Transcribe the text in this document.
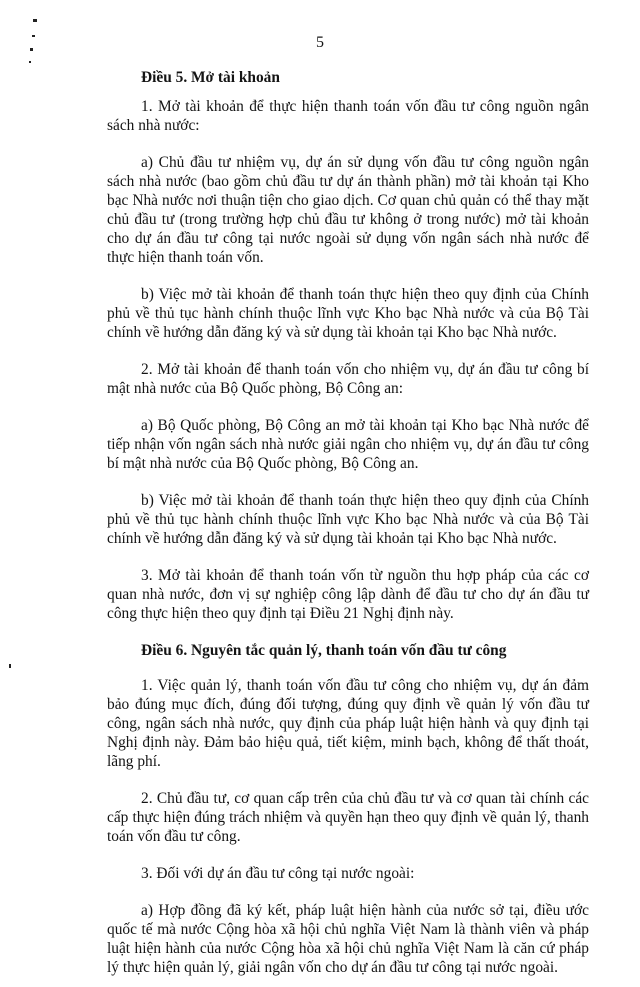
5
Điều 5. Mở tài khoản

1. Mở tài khoản để thực hiện thanh toán vốn đầu tư công nguồn ngân sách nhà nước:

a) Chủ đầu tư nhiệm vụ, dự án sử dụng vốn đầu tư công nguồn ngân sách nhà nước (bao gồm chủ đầu tư dự án thành phần) mở tài khoản tại Kho bạc Nhà nước nơi thuận tiện cho giao dịch. Cơ quan chủ quản có thể thay mặt chủ đầu tư (trong trường hợp chủ đầu tư không ở trong nước) mở tài khoản cho dự án đầu tư công tại nước ngoài sử dụng vốn ngân sách nhà nước để thực hiện thanh toán vốn.

b) Việc mở tài khoản để thanh toán thực hiện theo quy định của Chính phủ về thủ tục hành chính thuộc lĩnh vực Kho bạc Nhà nước và của Bộ Tài chính về hướng dẫn đăng ký và sử dụng tài khoản tại Kho bạc Nhà nước.

2. Mở tài khoản để thanh toán vốn cho nhiệm vụ, dự án đầu tư công bí mật nhà nước của Bộ Quốc phòng, Bộ Công an:

a) Bộ Quốc phòng, Bộ Công an mở tài khoản tại Kho bạc Nhà nước để tiếp nhận vốn ngân sách nhà nước giải ngân cho nhiệm vụ, dự án đầu tư công bí mật nhà nước của Bộ Quốc phòng, Bộ Công an.

b) Việc mở tài khoản để thanh toán thực hiện theo quy định của Chính phủ về thủ tục hành chính thuộc lĩnh vực Kho bạc Nhà nước và của Bộ Tài chính về hướng dẫn đăng ký và sử dụng tài khoản tại Kho bạc Nhà nước.

3. Mở tài khoản để thanh toán vốn từ nguồn thu hợp pháp của các cơ quan nhà nước, đơn vị sự nghiệp công lập dành để đầu tư cho dự án đầu tư công thực hiện theo quy định tại Điều 21 Nghị định này.

Điều 6. Nguyên tắc quản lý, thanh toán vốn đầu tư công

1. Việc quản lý, thanh toán vốn đầu tư công cho nhiệm vụ, dự án đảm bảo đúng mục đích, đúng đối tượng, đúng quy định về quản lý vốn đầu tư công, ngân sách nhà nước, quy định của pháp luật hiện hành và quy định tại Nghị định này. Đảm bảo hiệu quả, tiết kiệm, minh bạch, không để thất thoát, lãng phí.

2. Chủ đầu tư, cơ quan cấp trên của chủ đầu tư và cơ quan tài chính các cấp thực hiện đúng trách nhiệm và quyền hạn theo quy định về quản lý, thanh toán vốn đầu tư công.

3. Đối với dự án đầu tư công tại nước ngoài:

a) Hợp đồng đã ký kết, pháp luật hiện hành của nước sở tại, điều ước quốc tế mà nước Cộng hòa xã hội chủ nghĩa Việt Nam là thành viên và pháp luật hiện hành của nước Cộng hòa xã hội chủ nghĩa Việt Nam là căn cứ pháp lý thực hiện quản lý, giải ngân vốn cho dự án đầu tư công tại nước ngoài.
